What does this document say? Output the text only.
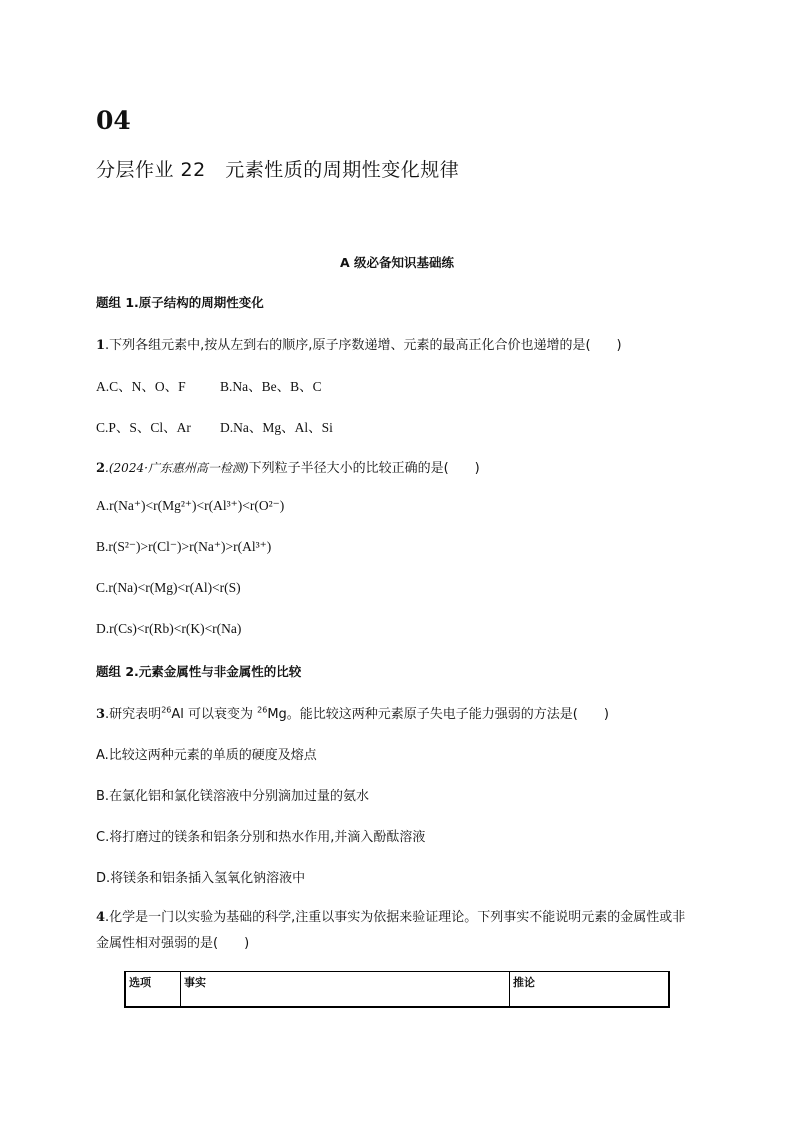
04
分层作业 22　元素性质的周期性变化规律
A 级必备知识基础练
题组 1.原子结构的周期性变化
1.下列各组元素中,按从左到右的顺序,原子序数递增、元素的最高正化合价也递增的是(　　)
A.C、N、O、F	B.Na、Be、B、C
C.P、S、Cl、Ar D.Na、Mg、Al、Si
2.(2024·广东惠州高一检测)下列粒子半径大小的比较正确的是(　　)
A.r(Na⁺)<r(Mg²⁺)<r(Al³⁺)<r(O²⁻)
B.r(S²⁻)>r(Cl⁻)>r(Na⁺)>r(Al³⁺)
C.r(Na)<r(Mg)<r(Al)<r(S)
D.r(Cs)<r(Rb)<r(K)<r(Na)
题组 2.元素金属性与非金属性的比较
3.研究表明$^{26}$Al 可以衰变为 $^{26}$Mg。能比较这两种元素原子失电子能力强弱的方法是(　　)
A.比较这两种元素的单质的硬度及熔点
B.在氯化铝和氯化镁溶液中分别滴加过量的氨水
C.将打磨过的镁条和铝条分别和热水作用,并滴入酚酞溶液
D.将镁条和铝条插入氢氧化钠溶液中
4.化学是一门以实验为基础的科学,注重以事实为依据来验证理论。下列事实不能说明元素的金属性或非金属性相对强弱的是(　　)
选项	事实	推论
